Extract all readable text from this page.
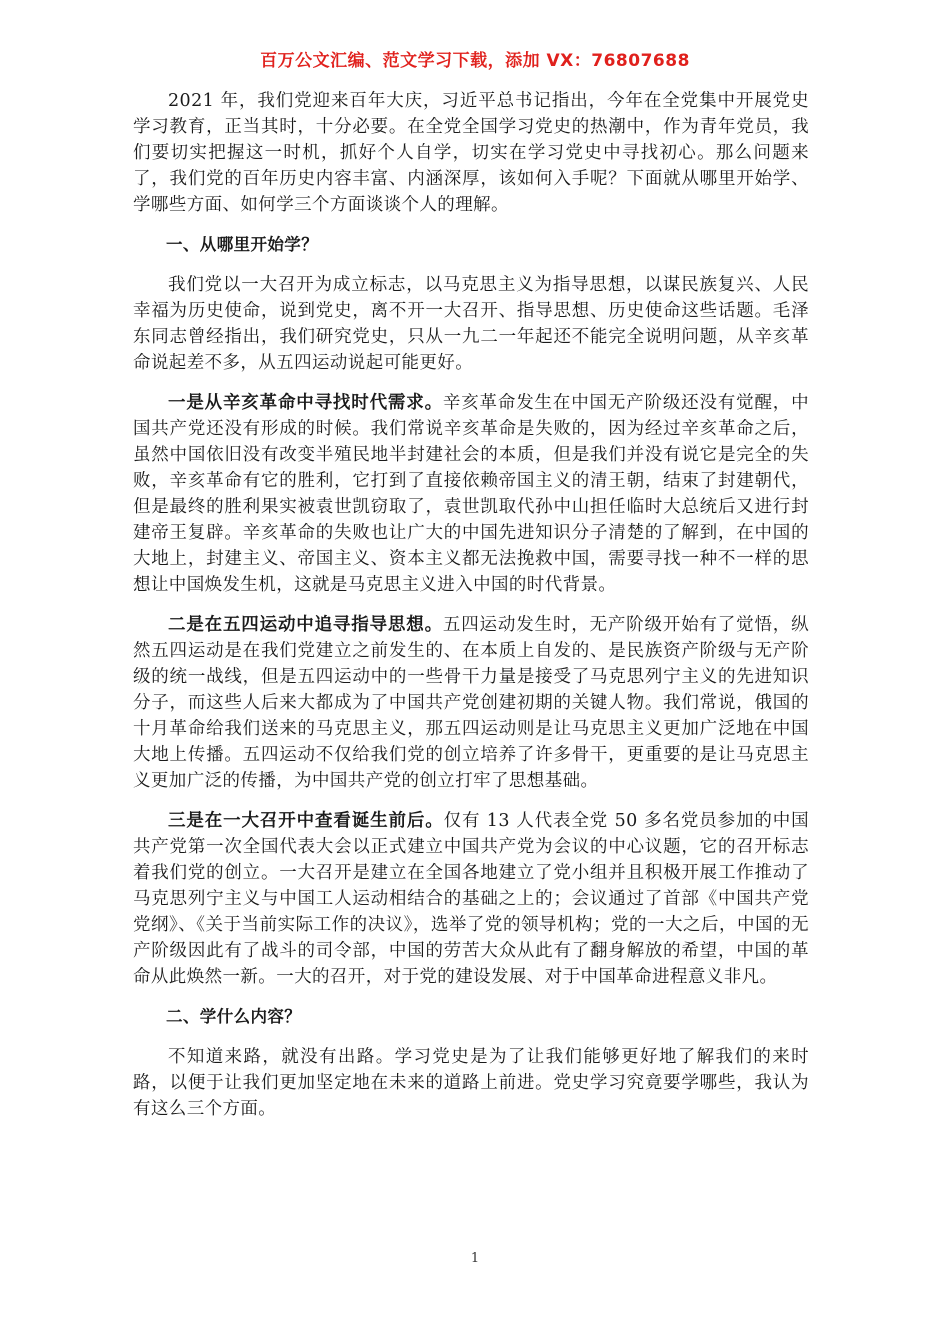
百万公文汇编、范文学习下载，添加 VX：76807688

2021 年，我们党迎来百年大庆，习近平总书记指出，今年在全党集中开展党史学习教育，正当其时，十分必要。在全党全国学习党史的热潮中，作为青年党员，我们要切实把握这一时机，抓好个人自学，切实在学习党史中寻找初心。那么问题来了，我们党的百年历史内容丰富、内涵深厚，该如何入手呢？下面就从哪里开始学、学哪些方面、如何学三个方面谈谈个人的理解。

一、从哪里开始学？

我们党以一大召开为成立标志，以马克思主义为指导思想，以谋民族复兴、人民幸福为历史使命，说到党史，离不开一大召开、指导思想、历史使命这些话题。毛泽东同志曾经指出，我们研究党史，只从一九二一年起还不能完全说明问题，从辛亥革命说起差不多，从五四运动说起可能更好。

一是从辛亥革命中寻找时代需求。辛亥革命发生在中国无产阶级还没有觉醒，中国共产党还没有形成的时候。我们常说辛亥革命是失败的，因为经过辛亥革命之后，虽然中国依旧没有改变半殖民地半封建社会的本质，但是我们并没有说它是完全的失败，辛亥革命有它的胜利，它打到了直接依赖帝国主义的清王朝，结束了封建朝代，但是最终的胜利果实被袁世凯窃取了，袁世凯取代孙中山担任临时大总统后又进行封建帝王复辟。辛亥革命的失败也让广大的中国先进知识分子清楚的了解到，在中国的大地上，封建主义、帝国主义、资本主义都无法挽救中国，需要寻找一种不一样的思想让中国焕发生机，这就是马克思主义进入中国的时代背景。

二是在五四运动中追寻指导思想。五四运动发生时，无产阶级开始有了觉悟，纵然五四运动是在我们党建立之前发生的、在本质上自发的、是民族资产阶级与无产阶级的统一战线，但是五四运动中的一些骨干力量是接受了马克思列宁主义的先进知识分子，而这些人后来大都成为了中国共产党创建初期的关键人物。我们常说，俄国的十月革命给我们送来的马克思主义，那五四运动则是让马克思主义更加广泛地在中国大地上传播。五四运动不仅给我们党的创立培养了许多骨干，更重要的是让马克思主义更加广泛的传播，为中国共产党的创立打牢了思想基础。

三是在一大召开中查看诞生前后。仅有 13 人代表全党 50 多名党员参加的中国共产党第一次全国代表大会以正式建立中国共产党为会议的中心议题，它的召开标志着我们党的创立。一大召开是建立在全国各地建立了党小组并且积极开展工作推动了马克思列宁主义与中国工人运动相结合的基础之上的；会议通过了首部《中国共产党党纲》、《关于当前实际工作的决议》，选举了党的领导机构；党的一大之后，中国的无产阶级因此有了战斗的司令部，中国的劳苦大众从此有了翻身解放的希望，中国的革命从此焕然一新。一大的召开，对于党的建设发展、对于中国革命进程意义非凡。

二、学什么内容？

不知道来路，就没有出路。学习党史是为了让我们能够更好地了解我们的来时路，以便于让我们更加坚定地在未来的道路上前进。党史学习究竟要学哪些，我认为有这么三个方面。

1
